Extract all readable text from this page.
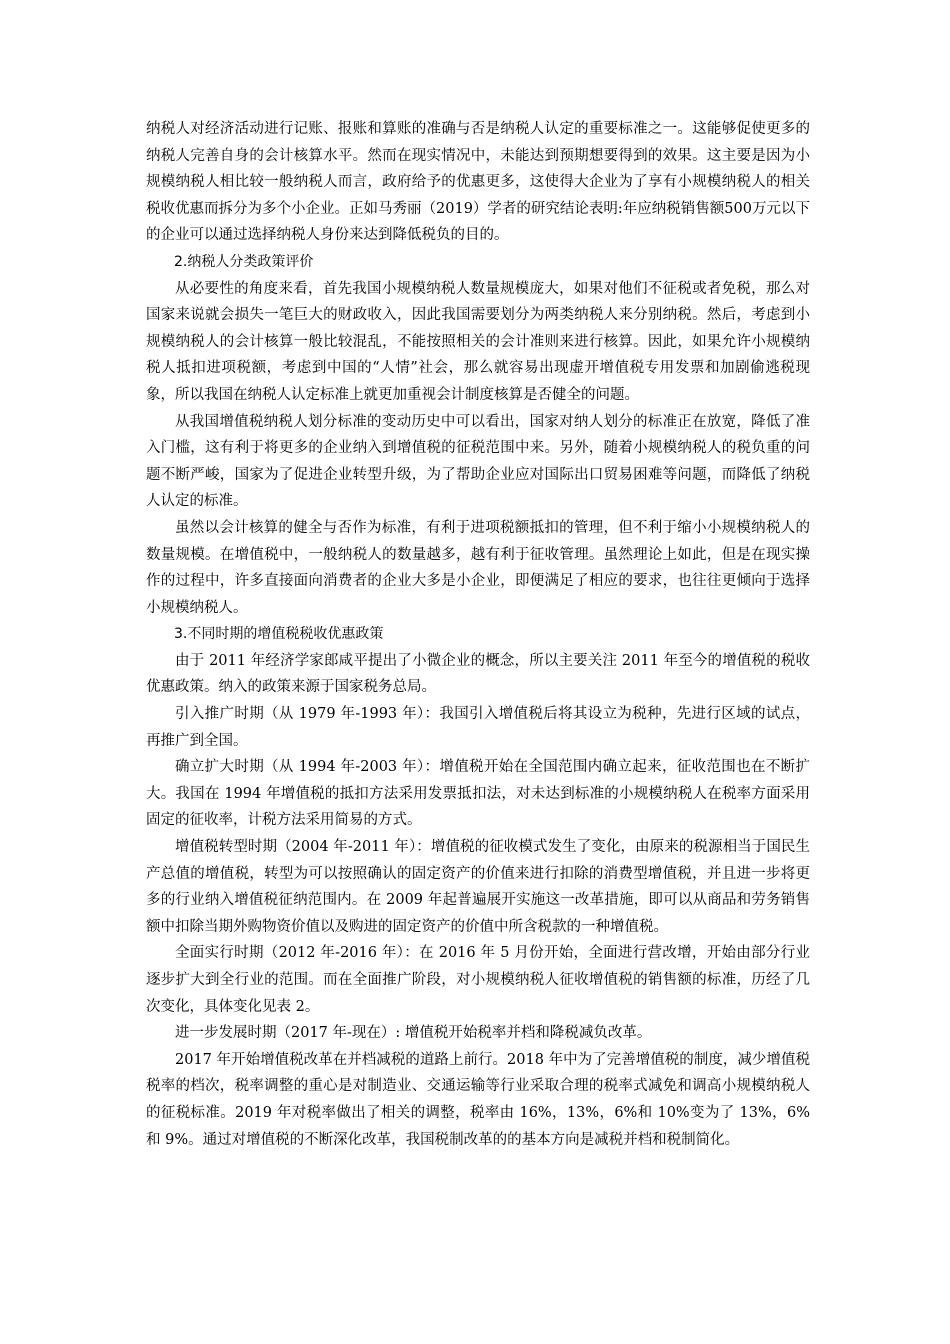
纳税人对经济活动进行记账、报账和算账的准确与否是纳税人认定的重要标准之一。这能够促使更多的纳税人完善自身的会计核算水平。然而在现实情况中，未能达到预期想要得到的效果。这主要是因为小规模纳税人相比较一般纳税人而言，政府给予的优惠更多，这使得大企业为了享有小规模纳税人的相关税收优惠而拆分为多个小企业。正如马秀丽（2019）学者的研究结论表明:年应纳税销售额500万元以下的企业可以通过选择纳税人身份来达到降低税负的目的。

2.纳税人分类政策评价

从必要性的角度来看，首先我国小规模纳税人数量规模庞大，如果对他们不征税或者免税，那么对国家来说就会损失一笔巨大的财政收入，因此我国需要划分为两类纳税人来分别纳税。然后，考虑到小规模纳税人的会计核算一般比较混乱，不能按照相关的会计准则来进行核算。因此，如果允许小规模纳税人抵扣进项税额，考虑到中国的“人情”社会，那么就容易出现虚开增值税专用发票和加剧偷逃税现象，所以我国在纳税人认定标准上就更加重视会计制度核算是否健全的问题。

从我国增值税纳税人划分标准的变动历史中可以看出，国家对纳人划分的标准正在放宽，降低了准入门槛，这有利于将更多的企业纳入到增值税的征税范围中来。另外，随着小规模纳税人的税负重的问题不断严峻，国家为了促进企业转型升级，为了帮助企业应对国际出口贸易困难等问题，而降低了纳税人认定的标准。

虽然以会计核算的健全与否作为标准，有利于进项税额抵扣的管理，但不利于缩小小规模纳税人的数量规模。在增值税中，一般纳税人的数量越多，越有利于征收管理。虽然理论上如此，但是在现实操作的过程中，许多直接面向消费者的企业大多是小企业，即便满足了相应的要求，也往往更倾向于选择小规模纳税人。

3.不同时期的增值税税收优惠政策

由于 2011 年经济学家郎咸平提出了小微企业的概念，所以主要关注 2011 年至今的增值税的税收优惠政策。纳入的政策来源于国家税务总局。

引入推广时期（从 1979 年-1993 年）：我国引入增值税后将其设立为税种，先进行区域的试点，再推广到全国。

确立扩大时期（从 1994 年-2003 年）：增值税开始在全国范围内确立起来，征收范围也在不断扩大。我国在 1994 年增值税的抵扣方法采用发票抵扣法，对未达到标准的小规模纳税人在税率方面采用固定的征收率，计税方法采用简易的方式。

增值税转型时期（2004 年-2011 年）：增值税的征收模式发生了变化，由原来的税源相当于国民生产总值的增值税，转型为可以按照确认的固定资产的价值来进行扣除的消费型增值税，并且进一步将更多的行业纳入增值税征纳范围内。在 2009 年起普遍展开实施这一改革措施，即可以从商品和劳务销售额中扣除当期外购物资价值以及购进的固定资产的价值中所含税款的一种增值税。

全面实行时期（2012 年-2016 年）：在 2016 年 5 月份开始，全面进行营改增，开始由部分行业逐步扩大到全行业的范围。而在全面推广阶段，对小规模纳税人征收增值税的销售额的标准，历经了几次变化，具体变化见表 2。

进一步发展时期（2017 年-现在）: 增值税开始税率并档和降税减负改革。

2017 年开始增值税改革在并档减税的道路上前行。2018 年中为了完善增值税的制度，减少增值税税率的档次，税率调整的重心是对制造业、交通运输等行业采取合理的税率式减免和调高小规模纳税人的征税标准。2019 年对税率做出了相关的调整，税率由 16%，13%，6%和 10%变为了 13%，6%和 9%。通过对增值税的不断深化改革，我国税制改革的的基本方向是减税并档和税制简化。
